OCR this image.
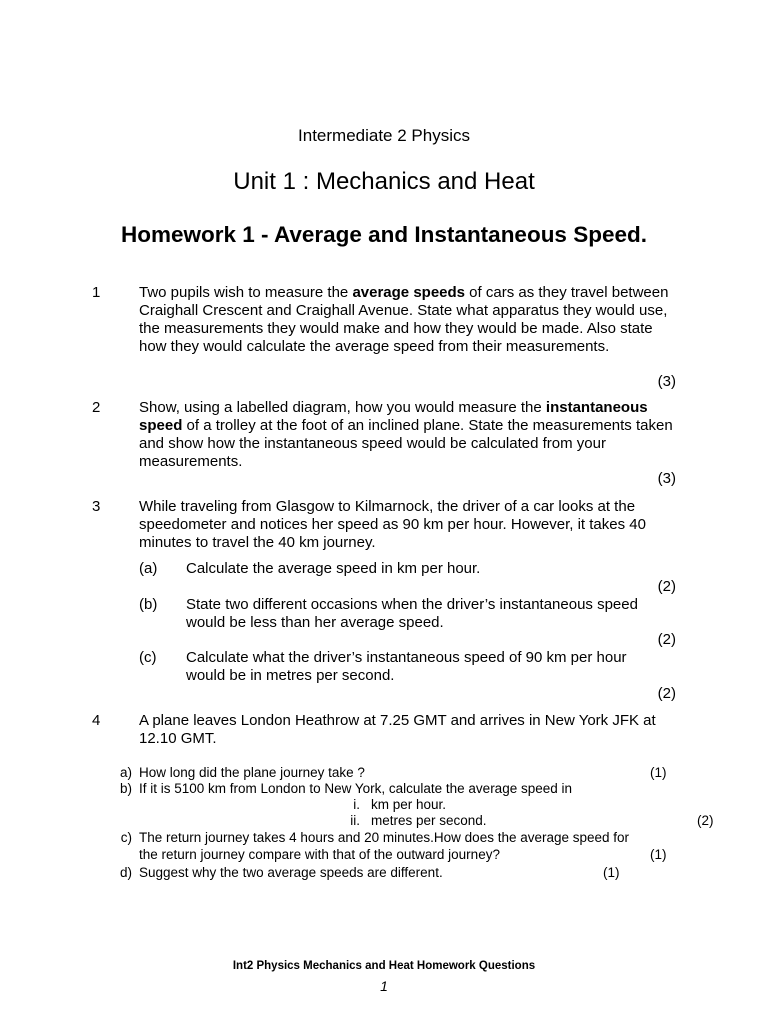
Intermediate 2 Physics
Unit 1 : Mechanics and Heat
Homework 1 - Average and Instantaneous Speed.
1	Two pupils wish to measure the average speeds of cars as they travel between Craighall Crescent and Craighall Avenue. State what apparatus they would use, the measurements they would make and how they would be made. Also state how they would calculate the average speed from their measurements.
(3)
2	Show, using a labelled diagram, how you would measure the instantaneous speed of a trolley at the foot of an inclined plane. State the measurements taken and show how the instantaneous speed would be calculated from your measurements.
(3)
3	While traveling from Glasgow to Kilmarnock, the driver of a car looks at the speedometer and notices her speed as 90 km per hour. However, it takes 40 minutes to travel the 40 km journey.
(a) Calculate the average speed in km per hour.
(2)
(b) State two different occasions when the driver’s instantaneous speed would be less than her average speed.
(2)
(c) Calculate what the driver’s instantaneous speed of 90 km per hour would be in metres per second.
(2)
4	A plane leaves London Heathrow at 7.25 GMT and arrives in New York JFK at 12.10 GMT.
a) How long did the plane journey take ?	(1)
b) If it is 5100 km from London to New York, calculate the average speed in
i. km per hour.
ii. metres per second.	(2)
c) The return journey takes 4 hours and 20 minutes.How does the average speed for
the return journey compare with that of the outward journey?	(1)
d) Suggest why the two average speeds are different.	(1)
Int2 Physics Mechanics and Heat Homework Questions
1
